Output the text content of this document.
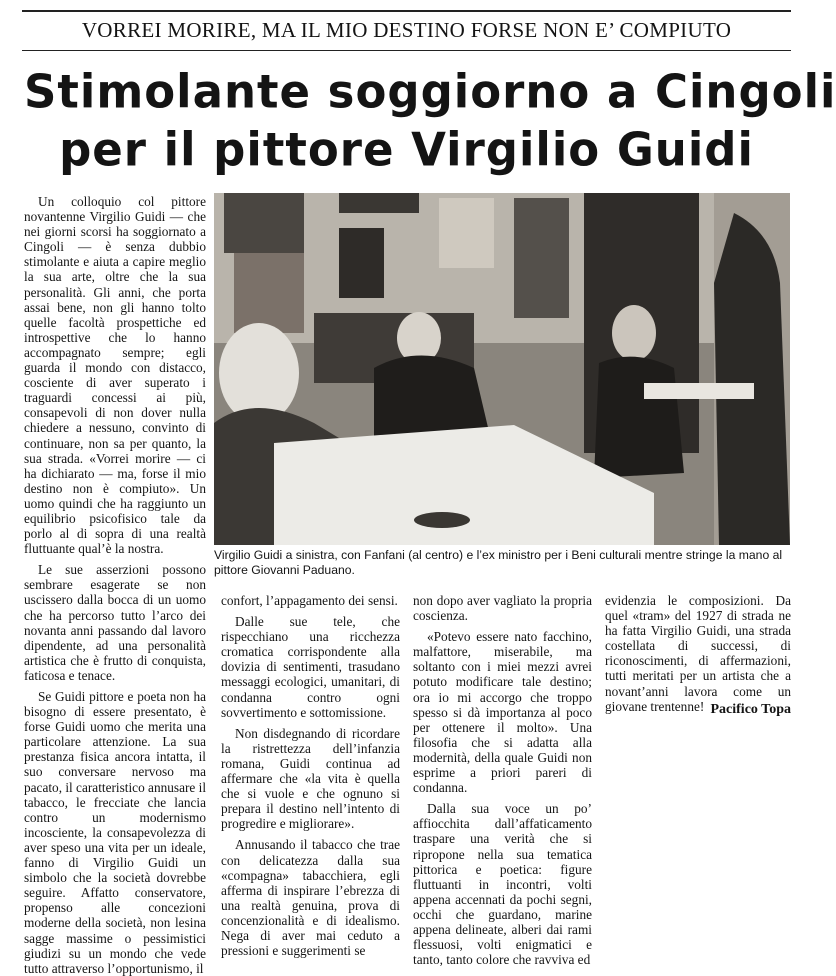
VORREI MORIRE, MA IL MIO DESTINO FORSE NON E’ COMPIUTO
Stimolante soggiorno a Cingoli
per il pittore Virgilio Guidi

Un colloquio col pittore novantenne Virgilio Guidi — che nei giorni scorsi ha soggiornato a Cingoli — è senza dubbio stimolante e aiuta a capire meglio la sua arte, oltre che la sua personalità. Gli anni, che porta assai bene, non gli hanno tolto quelle facoltà prospettiche ed introspettive che lo hanno accompagnato sempre; egli guarda il mondo con distacco, cosciente di aver superato i traguardi concessi ai più, consapevoli di non dover nulla chiedere a nessuno, convinto di continuare, non sa per quanto, la sua strada. «Vorrei morire — ci ha dichiarato — ma, forse il mio destino non è compiuto». Un uomo quindi che ha raggiunto un equilibrio psicofisico tale da porlo al di sopra di una realtà fluttuante qual’è la nostra.

Le sue asserzioni possono sembrare esagerate se non uscissero dalla bocca di un uomo che ha percorso tutto l’arco dei novanta anni passando dal lavoro dipendente, ad una personalità artistica che è frutto di conquista, faticosa e tenace.

Se Guidi pittore e poeta non ha bisogno di essere presentato, è forse Guidi uomo che merita una particolare attenzione. La sua prestanza fisica ancora intatta, il suo conversare nervoso ma pacato, il caratteristico annusare il tabacco, le frecciate che lancia contro un modernismo incosciente, la consapevolezza di aver speso una vita per un ideale, fanno di Virgilio Guidi un simbolo che la società dovrebbe seguire. Affatto conservatore, propenso alle concezioni moderne della società, non lesina sagge massime o pessimistici giudizi su un mondo che vede tutto attraverso l’opportunismo, il

Virgilio Guidi a sinistra, con Fanfani (al centro) e l’ex ministro per i Beni culturali mentre stringe la mano al pittore Giovanni Paduano.

confort, l’appagamento dei sensi.

Dalle sue tele, che rispecchiano una ricchezza cromatica corrispondente alla dovizia di sentimenti, trasudano messaggi ecologici, umanitari, di condanna contro ogni sovvertimento e sottomissione.

Non disdegnando di ricordare la ristrettezza dell’infanzia romana, Guidi continua ad affermare che «la vita è quella che si vuole e che ognuno si prepara il destino nell’intento di progredire e migliorare».

Annusando il tabacco che trae con delicatezza dalla sua «compagna» tabacchiera, egli afferma di inspirare l’ebrezza di una realtà genuina, prova di concenzionalità e di idealismo. Nega di aver mai ceduto a pressioni e suggerimenti se

non dopo aver vagliato la propria coscienza.

«Potevo essere nato facchino, malfattore, miserabile, ma soltanto con i miei mezzi avrei potuto modificare tale destino; ora io mi accorgo che troppo spesso si dà importanza al poco per ottenere il molto». Una filosofia che si adatta alla modernità, della quale Guidi non esprime a priori pareri di condanna.

Dalla sua voce un po’ affiocchita dall’affaticamento traspare una verità che si ripropone nella sua tematica pittorica e poetica: figure fluttuanti in incontri, volti appena accennati da pochi segni, occhi che guardano, marine appena delineate, alberi dai rami flessuosi, volti enigmatici e tanto, tanto colore che ravviva ed

evidenzia le composizioni. Da quel «tram» del 1927 di strada ne ha fatta Virgilio Guidi, una strada costellata di successi, di riconoscimenti, di affermazioni, tutti meritati per un artista che a novant’anni lavora come un giovane trentenne! Pacifico Topa
